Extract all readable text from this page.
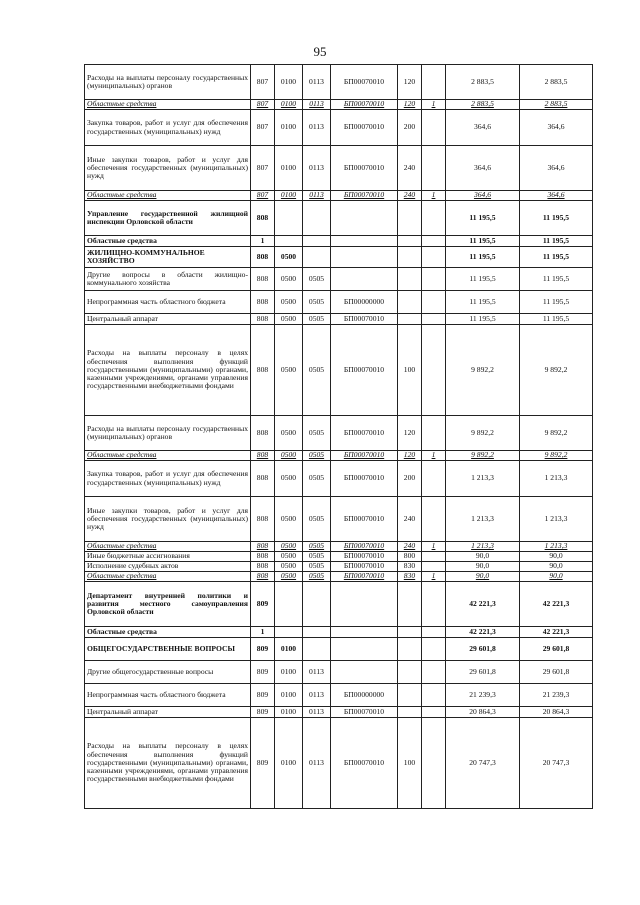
95
Расходы на выплаты персоналу государственных (муниципальных) органов	807	0100	0113	БП00070010	120		2 883,5	2 883,5
Областные средства	807	0100	0113	БП00070010	120	1	2 883,5	2 883,5
Закупка товаров, работ и услуг для обеспечения государственных (муниципальных) нужд	807	0100	0113	БП00070010	200		364,6	364,6
Иные закупки товаров, работ и услуг для обеспечения государственных (муниципальных) нужд	807	0100	0113	БП00070010	240		364,6	364,6
Областные средства	807	0100	0113	БП00070010	240	1	364,6	364,6
Управление государственной жилищной инспекции Орловской области	808						11 195,5	11 195,5
Областные средства	1						11 195,5	11 195,5
ЖИЛИЩНО-КОММУНАЛЬНОЕ ХОЗЯЙСТВО	808	0500					11 195,5	11 195,5
Другие вопросы в области жилищно-коммунального хозяйства	808	0500	0505				11 195,5	11 195,5
Непрограммная часть областного бюджета	808	0500	0505	БП00000000			11 195,5	11 195,5
Центральный аппарат	808	0500	0505	БП00070010			11 195,5	11 195,5
Расходы на выплаты персоналу в целях обеспечения выполнения функций государственными (муниципальными) органами, казенными учреждениями, органами управления государственными внебюджетными фондами	808	0500	0505	БП00070010	100		9 892,2	9 892,2
Расходы на выплаты персоналу государственных (муниципальных) органов	808	0500	0505	БП00070010	120		9 892,2	9 892,2
Областные средства	808	0500	0505	БП00070010	120	1	9 892,2	9 892,2
Закупка товаров, работ и услуг для обеспечения государственных (муниципальных) нужд	808	0500	0505	БП00070010	200		1 213,3	1 213,3
Иные закупки товаров, работ и услуг для обеспечения государственных (муниципальных) нужд	808	0500	0505	БП00070010	240		1 213,3	1 213,3
Областные средства	808	0500	0505	БП00070010	240	1	1 213,3	1 213,3
Иные бюджетные ассигнования	808	0500	0505	БП00070010	800		90,0	90,0
Исполнение судебных актов	808	0500	0505	БП00070010	830		90,0	90,0
Областные средства	808	0500	0505	БП00070010	830	1	90,0	90,0
Департамент внутренней политики и развития местного самоуправления Орловской области	809						42 221,3	42 221,3
Областные средства	1						42 221,3	42 221,3
ОБЩЕГОСУДАРСТВЕННЫЕ ВОПРОСЫ	809	0100					29 601,8	29 601,8
Другие общегосударственные вопросы	809	0100	0113				29 601,8	29 601,8
Непрограммная часть областного бюджета	809	0100	0113	БП00000000			21 239,3	21 239,3
Центральный аппарат	809	0100	0113	БП00070010			20 864,3	20 864,3
Расходы на выплаты персоналу в целях обеспечения выполнения функций государственными (муниципальными) органами, казенными учреждениями, органами управления государственными внебюджетными фондами	809	0100	0113	БП00070010	100		20 747,3	20 747,3
